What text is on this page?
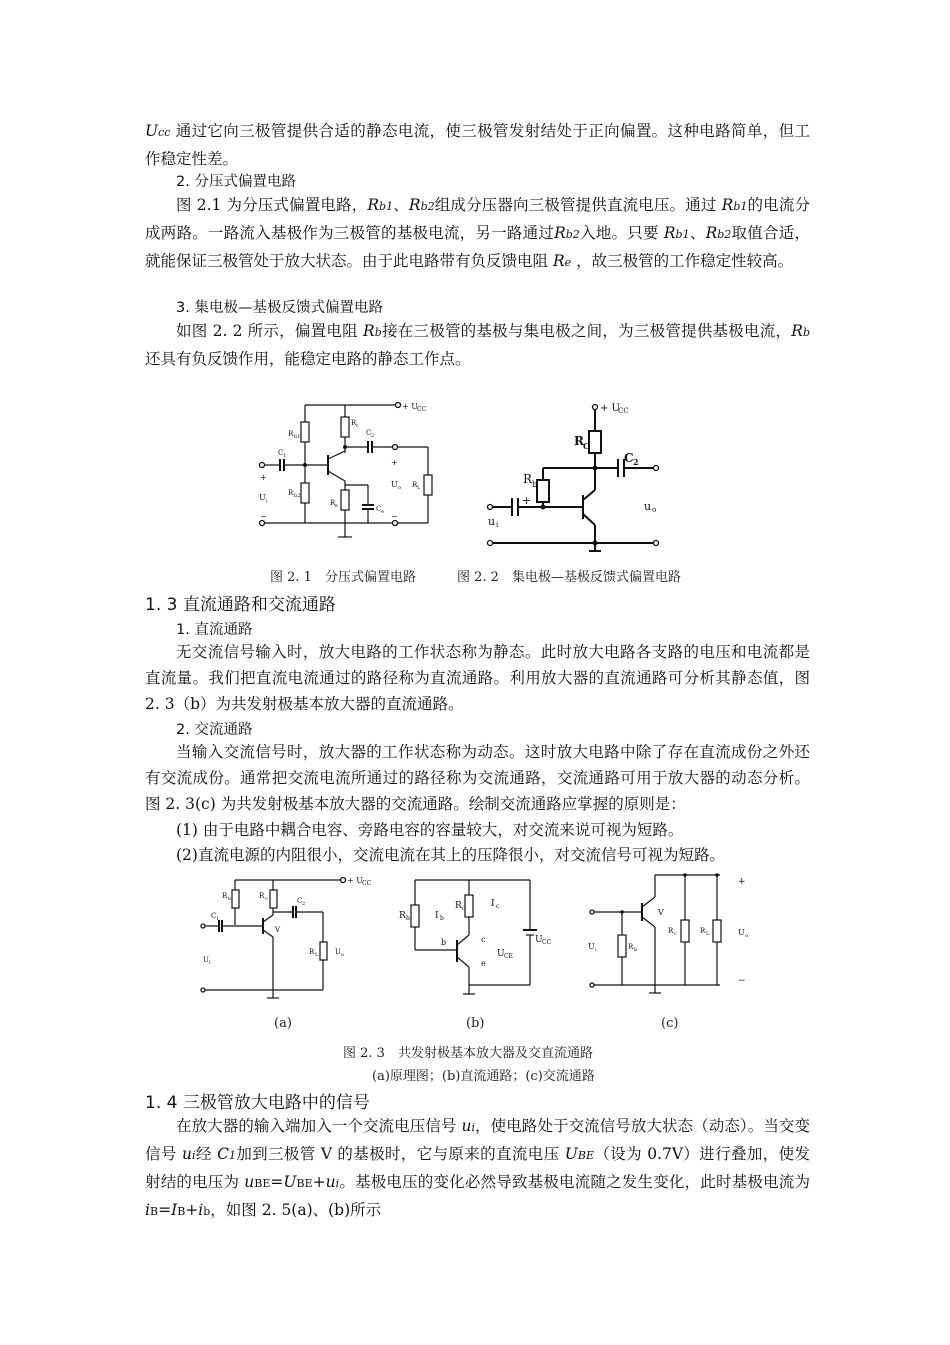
Ucc 通过它向三极管提供合适的静态电流，使三极管发射结处于正向偏置。这种电路简单，但工作稳定性差。

2. 分压式偏置电路

图 2.1 为分压式偏置电路，Rb1、Rb2组成分压器向三极管提供直流电压。通过 Rb1的电流分成两路。一路流入基极作为三极管的基极电流，另一路通过Rb2入地。只要 Rb1、Rb2取值合适，就能保证三极管处于放大状态。由于此电路带有负反馈电阻 Re ，故三极管的工作稳定性较高。

3. 集电极—基极反馈式偏置电路

如图 2. 2 所示，偏置电阻 Rb接在三极管的基极与集电极之间，为三极管提供基极电流，Rb还具有负反馈作用，能稳定电路的静态工作点。

+ U CC
R b1
R b2
R c
C 1
C 2
R L
R e	C e
+
U i
−
+
U o
−
+ U
CC
R C
C 2
R b
+
u i
u o
图 2. 1　分压式偏置电路	图 2. 2　集电极—基极反馈式偏置电路
1. 3 直流通路和交流通路
1. 直流通路

无交流信号输入时，放大电路的工作状态称为静态。此时放大电路各支路的电压和电流都是直流量。我们把直流电流通过的路径称为直流通路。利用放大器的直流通路可分析其静态值，图 2. 3（b）为共发射极基本放大器的直流通路。

2. 交流通路

当输入交流信号时，放大器的工作状态称为动态。这时放大电路中除了存在直流成份之外还有交流成份。通常把交流电流所通过的路径称为交流通路，交流通路可用于放大器的动态分析。图 2. 3(c) 为共发射极基本放大器的交流通路。绘制交流通路应掌握的原则是：

(1) 由于电路中耦合电容、旁路电容的容量较大，对交流来说可视为短路。

(2)直流电源的内阻很小，交流电流在其上的压降很小，对交流信号可视为短路。

+ U CC
R b	R c
V
C 1
C 2
R L U o
U i
R b	I b
R c	I c
b	c
e
U CE
U CC
+
V
R b
U i
R c	R L	U o
−
(a)	(b)	(c)
图 2. 3　共发射极基本放大器及交直流通路
(a)原理图；(b)直流通路；(c)交流通路
1. 4 三极管放大电路中的信号

在放大器的输入端加入一个交流电压信号 ui，使电路处于交流信号放大状态（动态）。当交变信号 ui经 C1加到三极管 V 的基极时，它与原来的直流电压 UBE（设为 0.7V）进行叠加，使发射结的电压为 uBE=UBE+ui。基极电压的变化必然导致基极电流随之发生变化，此时基极电流为 iB=IB+ib，如图 2. 5(a)、(b)所示
